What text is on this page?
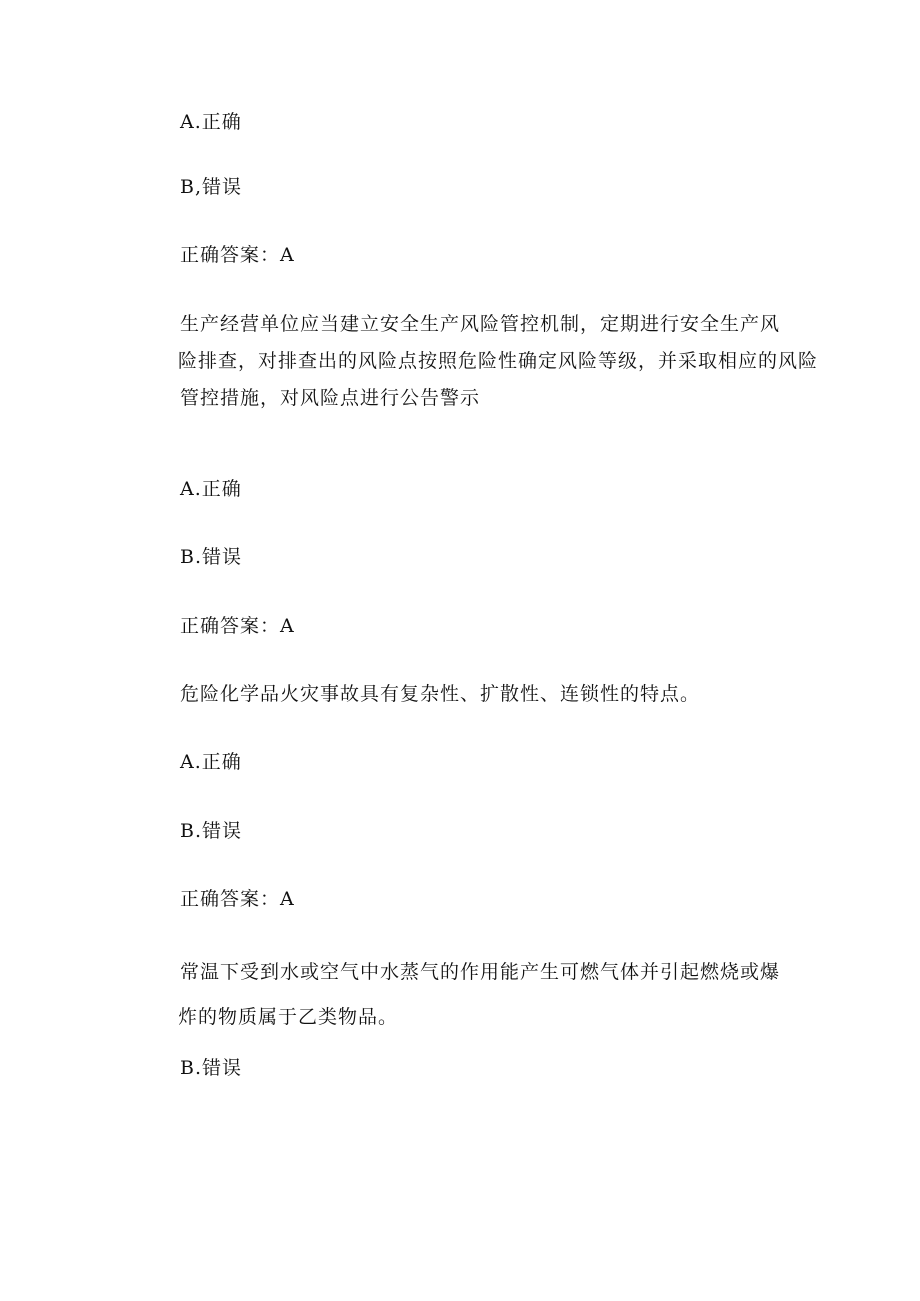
A.正确

B,错误

正确答案：A

生产经营单位应当建立安全生产风险管控机制，定期进行安全生产风
险排查，对排查出的风险点按照危险性确定风险等级，并采取相应的风险
管控措施，对风险点进行公告警示

A.正确

B.错误

正确答案：A

危险化学品火灾事故具有复杂性、扩散性、连锁性的特点。

A.正确

B.错误

正确答案：A

常温下受到水或空气中水蒸气的作用能产生可燃气体并引起燃烧或爆
炸的物质属于乙类物品。

B.错误
